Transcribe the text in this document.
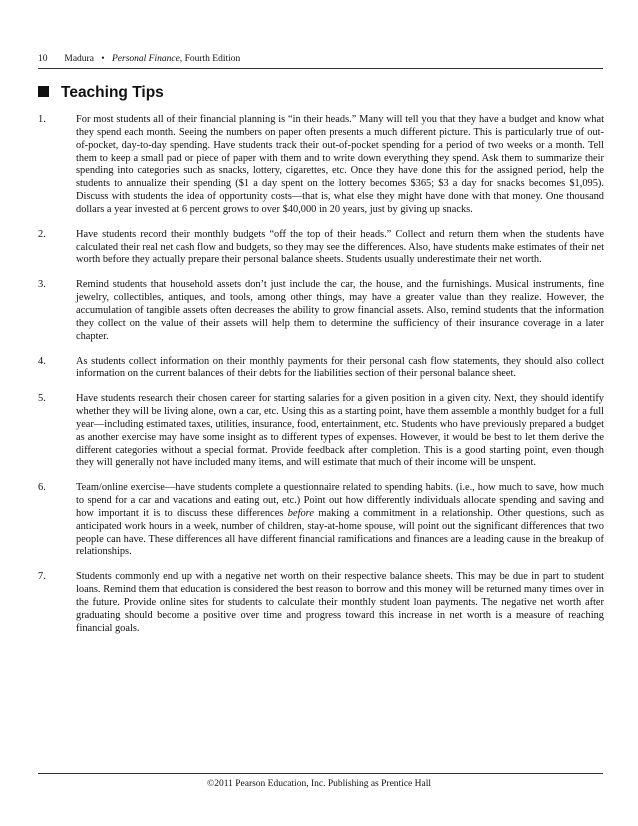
10 Madura • Personal Finance, Fourth Edition
Teaching Tips
1.	For most students all of their financial planning is “in their heads.” Many will tell you that they have a budget and know what they spend each month. Seeing the numbers on paper often presents a much different picture. This is particularly true of out-of-pocket, day-to-day spending. Have students track their out-of-pocket spending for a period of two weeks or a month. Tell them to keep a small pad or piece of paper with them and to write down everything they spend. Ask them to summarize their spending into categories such as snacks, lottery, cigarettes, etc. Once they have done this for the assigned period, help the students to annualize their spending ($1 a day spent on the lottery becomes $365; $3 a day for snacks becomes $1,095). Discuss with students the idea of opportunity costs—that is, what else they might have done with that money. One thousand dollars a year invested at 6 percent grows to over $40,000 in 20 years, just by giving up snacks.
2.	Have students record their monthly budgets “off the top of their heads.” Collect and return them when the students have calculated their real net cash flow and budgets, so they may see the differences. Also, have students make estimates of their net worth before they actually prepare their personal balance sheets. Students usually underestimate their net worth.
3.	Remind students that household assets don’t just include the car, the house, and the furnishings. Musical instruments, fine jewelry, collectibles, antiques, and tools, among other things, may have a greater value than they realize. However, the accumulation of tangible assets often decreases the ability to grow financial assets. Also, remind students that the information they collect on the value of their assets will help them to determine the sufficiency of their insurance coverage in a later chapter.
4.	As students collect information on their monthly payments for their personal cash flow statements, they should also collect information on the current balances of their debts for the liabilities section of their personal balance sheet.
5.	Have students research their chosen career for starting salaries for a given position in a given city. Next, they should identify whether they will be living alone, own a car, etc. Using this as a starting point, have them assemble a monthly budget for a full year—including estimated taxes, utilities, insurance, food, entertainment, etc. Students who have previously prepared a budget as another exercise may have some insight as to different types of expenses. However, it would be best to let them derive the different categories without a special format. Provide feedback after completion. This is a good starting point, even though they will generally not have included many items, and will estimate that much of their income will be unspent.
6.	Team/online exercise—have students complete a questionnaire related to spending habits. (i.e., how much to save, how much to spend for a car and vacations and eating out, etc.) Point out how differently individuals allocate spending and saving and how important it is to discuss these differences before making a commitment in a relationship. Other questions, such as anticipated work hours in a week, number of children, stay-at-home spouse, will point out the significant differences that two people can have. These differences all have different financial ramifications and finances are a leading cause in the breakup of relationships.
7.	Students commonly end up with a negative net worth on their respective balance sheets. This may be due in part to student loans. Remind them that education is considered the best reason to borrow and this money will be returned many times over in the future. Provide online sites for students to calculate their monthly student loan payments. The negative net worth after graduating should become a positive over time and progress toward this increase in net worth is a measure of reaching financial goals.
©2011 Pearson Education, Inc. Publishing as Prentice Hall
